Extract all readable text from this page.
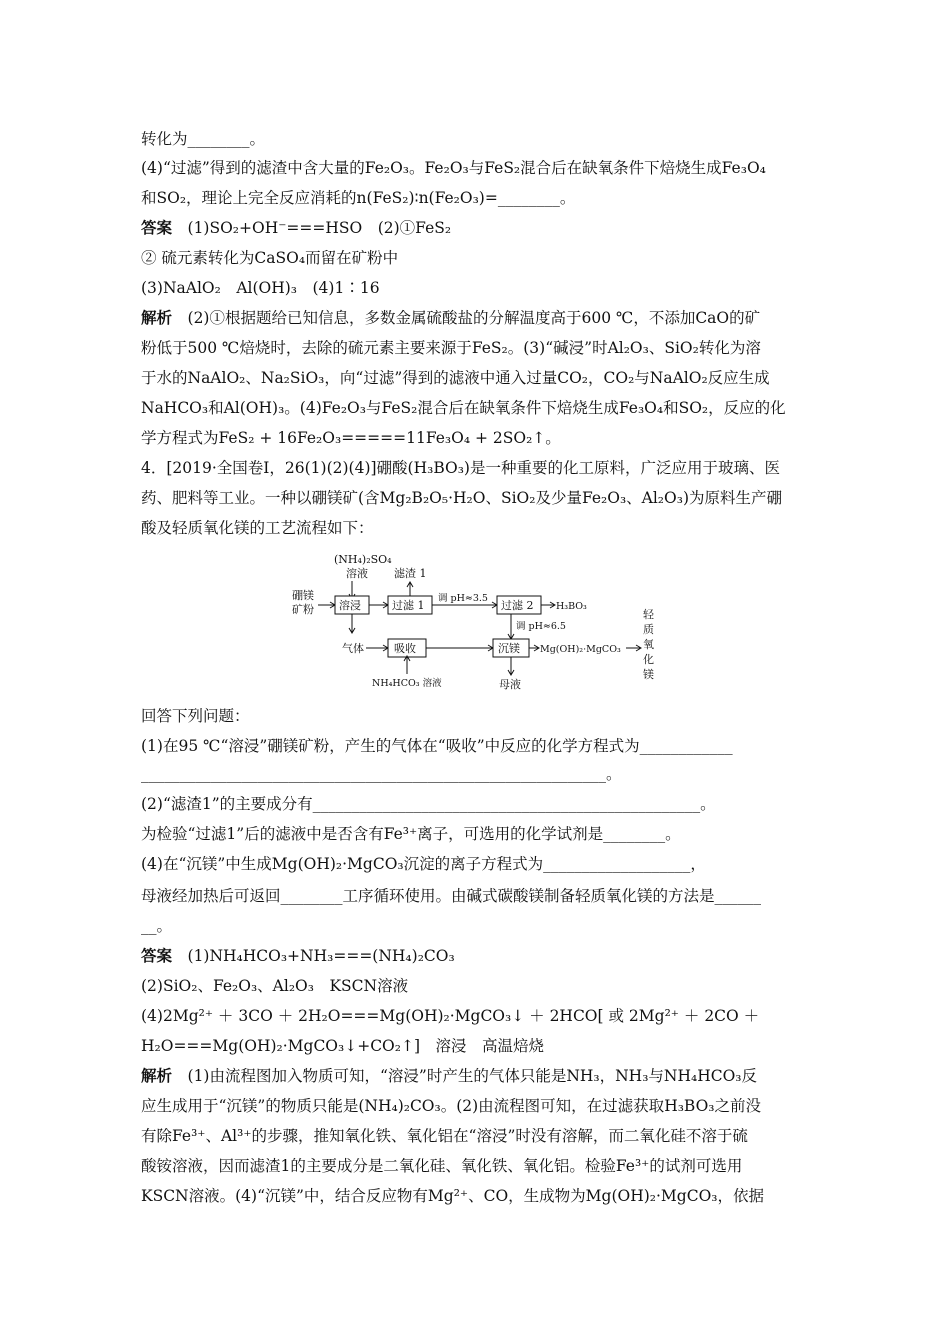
转化为________。
(4)“过滤”得到的滤渣中含大量的Fe₂O₃。Fe₂O₃与FeS₂混合后在缺氧条件下焙烧生成Fe₃O₄
和SO₂，理论上完全反应消耗的n(FeS₂)∶n(Fe₂O₃)=________。
答案　(1)SO₂+OH⁻===HSO　(2)①FeS₂
② 硫元素转化为CaSO₄而留在矿粉中
(3)NaAlO₂　Al(OH)₃　(4)1∶16
解析　(2)①根据题给已知信息，多数金属硫酸盐的分解温度高于600 ℃，不添加CaO的矿
粉低于500 ℃焙烧时，去除的硫元素主要来源于FeS₂。(3)“碱浸”时Al₂O₃、SiO₂转化为溶
于水的NaAlO₂、Na₂SiO₃，向“过滤”得到的滤液中通入过量CO₂，CO₂与NaAlO₂反应生成
NaHCO₃和Al(OH)₃。(4)Fe₂O₃与FeS₂混合后在缺氧条件下焙烧生成Fe₃O₄和SO₂，反应的化
学方程式为FeS₂ + 16Fe₂O₃=====11Fe₃O₄ + 2SO₂↑。
4．[2019·全国卷Ⅰ，26(1)(2)(4)]硼酸(H₃BO₃)是一种重要的化工原料，广泛应用于玻璃、医
药、肥料等工业。一种以硼镁矿(含Mg₂B₂O₅·H₂O、SiO₂及少量Fe₂O₃、Al₂O₃)为原料生产硼
酸及轻质氧化镁的工艺流程如下：
回答下列问题：
(1)在95 ℃“溶浸”硼镁矿粉，产生的气体在“吸收”中反应的化学方程式为____________
____________________________________________________________。
(2)“滤渣1”的主要成分有__________________________________________________。
为检验“过滤1”后的滤液中是否含有Fe³⁺离子，可选用的化学试剂是________。
(4)在“沉镁”中生成Mg(OH)₂·MgCO₃沉淀的离子方程式为___________________，
母液经加热后可返回________工序循环使用。由碱式碳酸镁制备轻质氧化镁的方法是______
__。
答案　(1)NH₄HCO₃+NH₃===(NH₄)₂CO₃
(2)SiO₂、Fe₂O₃、Al₂O₃　KSCN溶液
(4)2Mg²⁺ ＋ 3CO ＋ 2H₂O===Mg(OH)₂·MgCO₃↓ ＋ 2HCO[ 或 2Mg²⁺ ＋ 2CO ＋
H₂O===Mg(OH)₂·MgCO₃↓+CO₂↑]　溶浸　高温焙烧
解析　(1)由流程图加入物质可知，“溶浸”时产生的气体只能是NH₃，NH₃与NH₄HCO₃反
应生成用于“沉镁”的物质只能是(NH₄)₂CO₃。(2)由流程图可知，在过滤获取H₃BO₃之前没
有除Fe³⁺、Al³⁺的步骤，推知氧化铁、氧化铝在“溶浸”时没有溶解，而二氧化硅不溶于硫
酸铵溶液，因而滤渣1的主要成分是二氧化硅、氧化铁、氧化铝。检验Fe³⁺的试剂可选用
KSCN溶液。(4)“沉镁”中，结合反应物有Mg²⁺、CO，生成物为Mg(OH)₂·MgCO₃，依据
(NH₄)₂SO₄
溶液 滤渣 1
硼镁
矿粉 溶浸	过滤 1
调 pH≈3.5
过滤 2 H₃BO₃
调 pH≈6.5
气体	吸收
NH₄HCO₃ 溶液
沉镁 Mg(OH)₂·MgCO₃
母液
轻
质
氧
化
镁
